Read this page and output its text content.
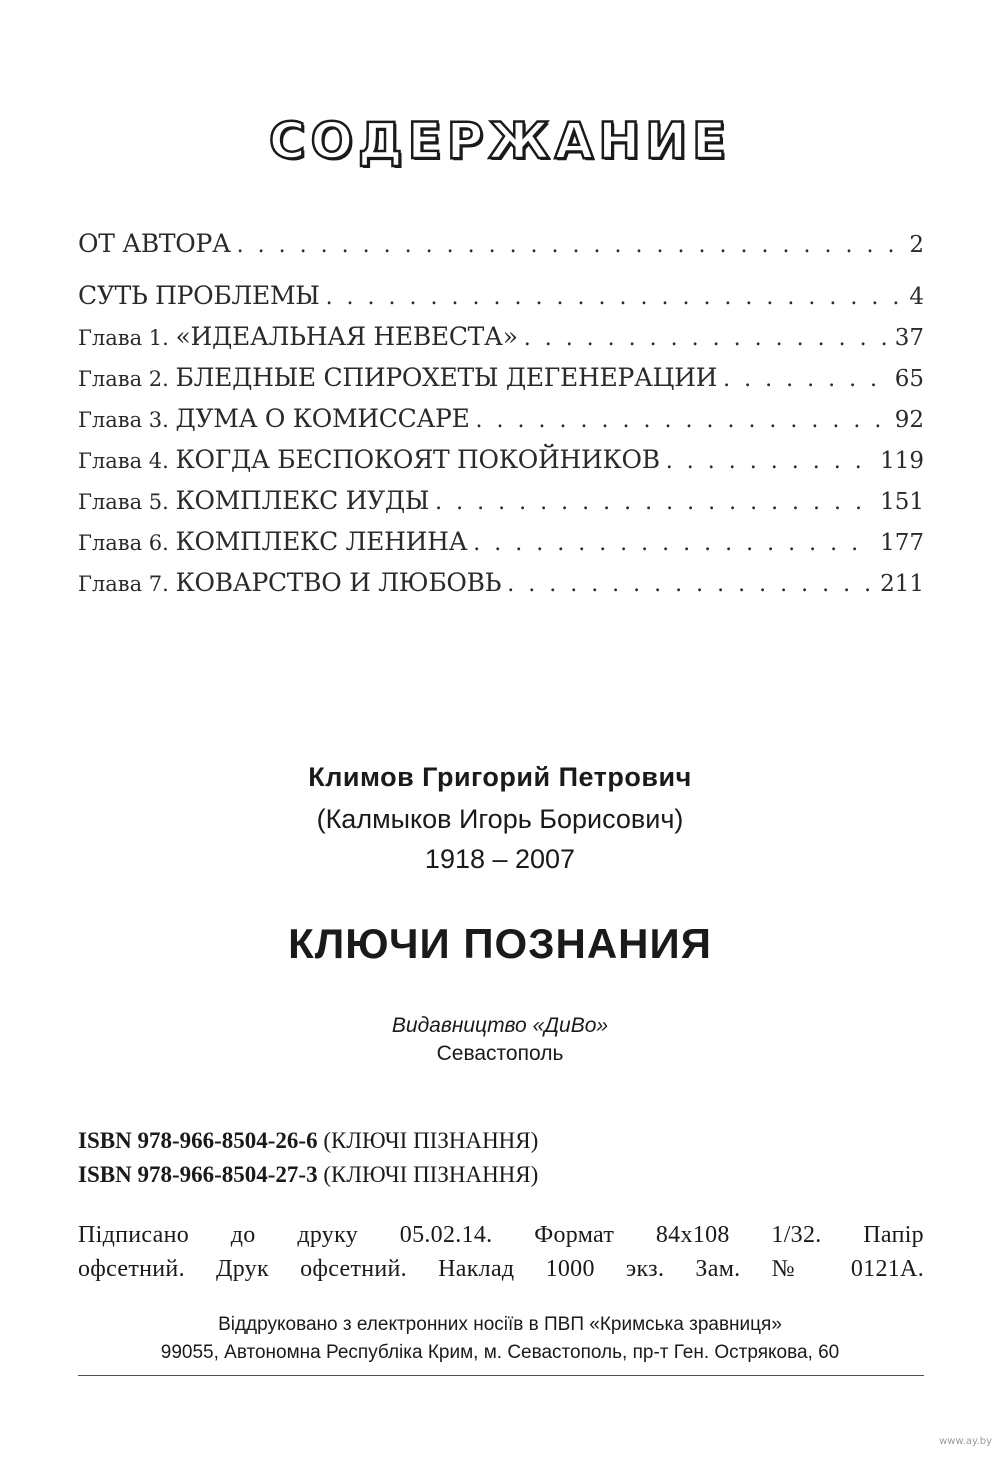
СОДЕРЖАНИЕ
ОТ АВТОРА .....	2
СУТЬ ПРОБЛЕМЫ .....	4
Глава 1. «ИДЕАЛЬНАЯ НЕВЕСТА» .....	37
Глава 2. БЛЕДНЫЕ СПИРОХЕТЫ ДЕГЕНЕРАЦИИ .....	65
Глава 3. ДУМА О КОМИССАРЕ .....	92
Глава 4. КОГДА БЕСПОКОЯТ ПОКОЙНИКОВ .....	119
Глава 5. КОМПЛЕКС ИУДЫ .....	151
Глава 6. КОМПЛЕКС ЛЕНИНА .....	177
Глава 7. КОВАРСТВО И ЛЮБОВЬ .....	211
Климов Григорий Петрович
(Калмыков Игорь Борисович)
1918 – 2007
КЛЮЧИ ПОЗНАНИЯ
Видавництво «ДиВо»
Севастополь
ISBN 978-966-8504-26-6 (КЛЮЧІ ПІЗНАННЯ)
ISBN 978-966-8504-27-3 (КЛЮЧІ ПІЗНАННЯ)
Підписано до друку 05.02.14. Формат 84х108 1/32. Папір
офсетний. Друк офсетний. Наклад 1000 экз. Зам. № 0121А.
Віддруковано з електронних носіїв в ПВП «Кримська зравниця»
99055, Автономна Республіка Крим, м. Севастополь, пр-т Ген. Острякова, 60
www.ay.by
